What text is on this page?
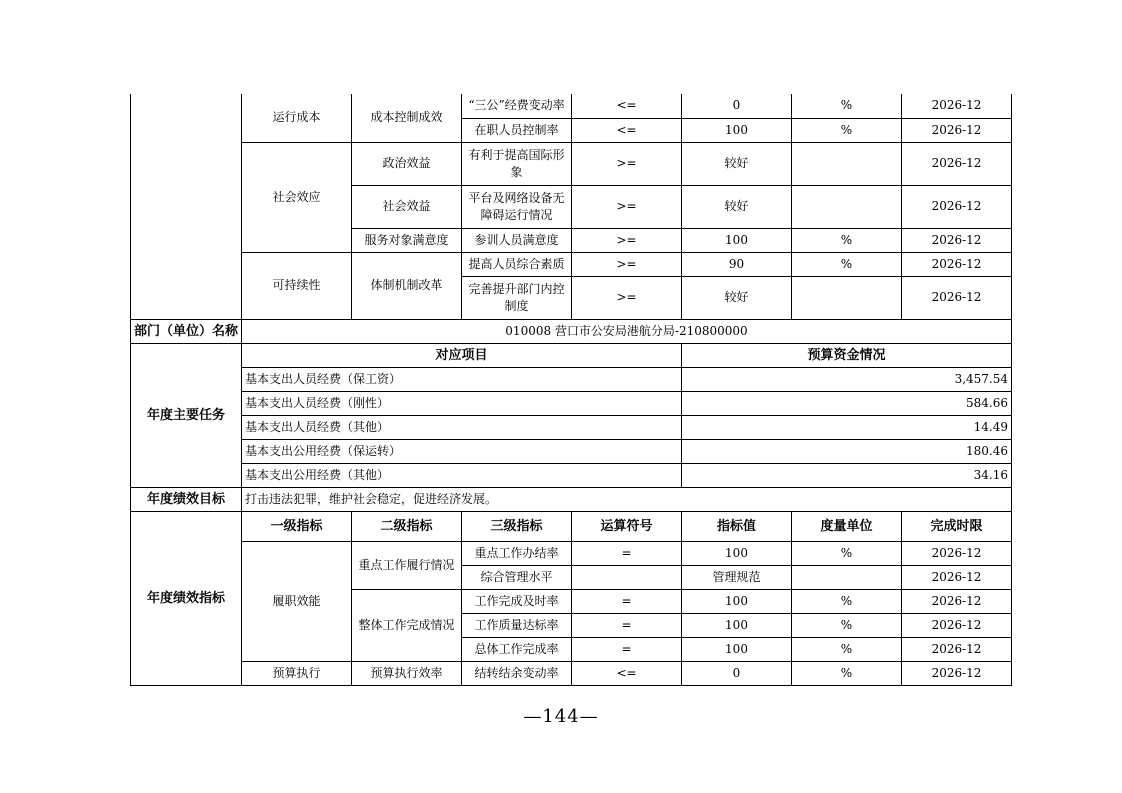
	运行成本	成本控制成效	“三公”经费变动率	<=	0	%	2026-12
			在职人员控制率	<=	100	%	2026-12
	社会效应	政治效益	有利于提高国际形象	>=	较好		2026-12
		社会效益	平台及网络设备无障碍运行情况	>=	较好		2026-12
		服务对象满意度	参训人员满意度	>=	100	%	2026-12
	可持续性	体制机制改革	提高人员综合素质	>=	90	%	2026-12
			完善提升部门内控制度	>=	较好		2026-12
部门（单位）名称	010008 营口市公安局港航分局-210800000						
年度主要任务	对应项目				预算资金情况		
	基本支出人员经费（保工资）				3,457.54		
	基本支出人员经费（刚性）				584.66		
	基本支出人员经费（其他）				14.49		
	基本支出公用经费（保运转）				180.46		
	基本支出公用经费（其他）				34.16		
年度绩效目标	打击违法犯罪，维护社会稳定，促进经济发展。						
年度绩效指标	一级指标	二级指标	三级指标	运算符号	指标值	度量单位	完成时限
	履职效能	重点工作履行情况	重点工作办结率	=	100	%	2026-12
			综合管理水平		管理规范		2026-12
		整体工作完成情况	工作完成及时率	=	100	%	2026-12
			工作质量达标率	=	100	%	2026-12
			总体工作完成率	=	100	%	2026-12
	预算执行	预算执行效率	结转结余变动率	<=	0	%	2026-12
—144—
